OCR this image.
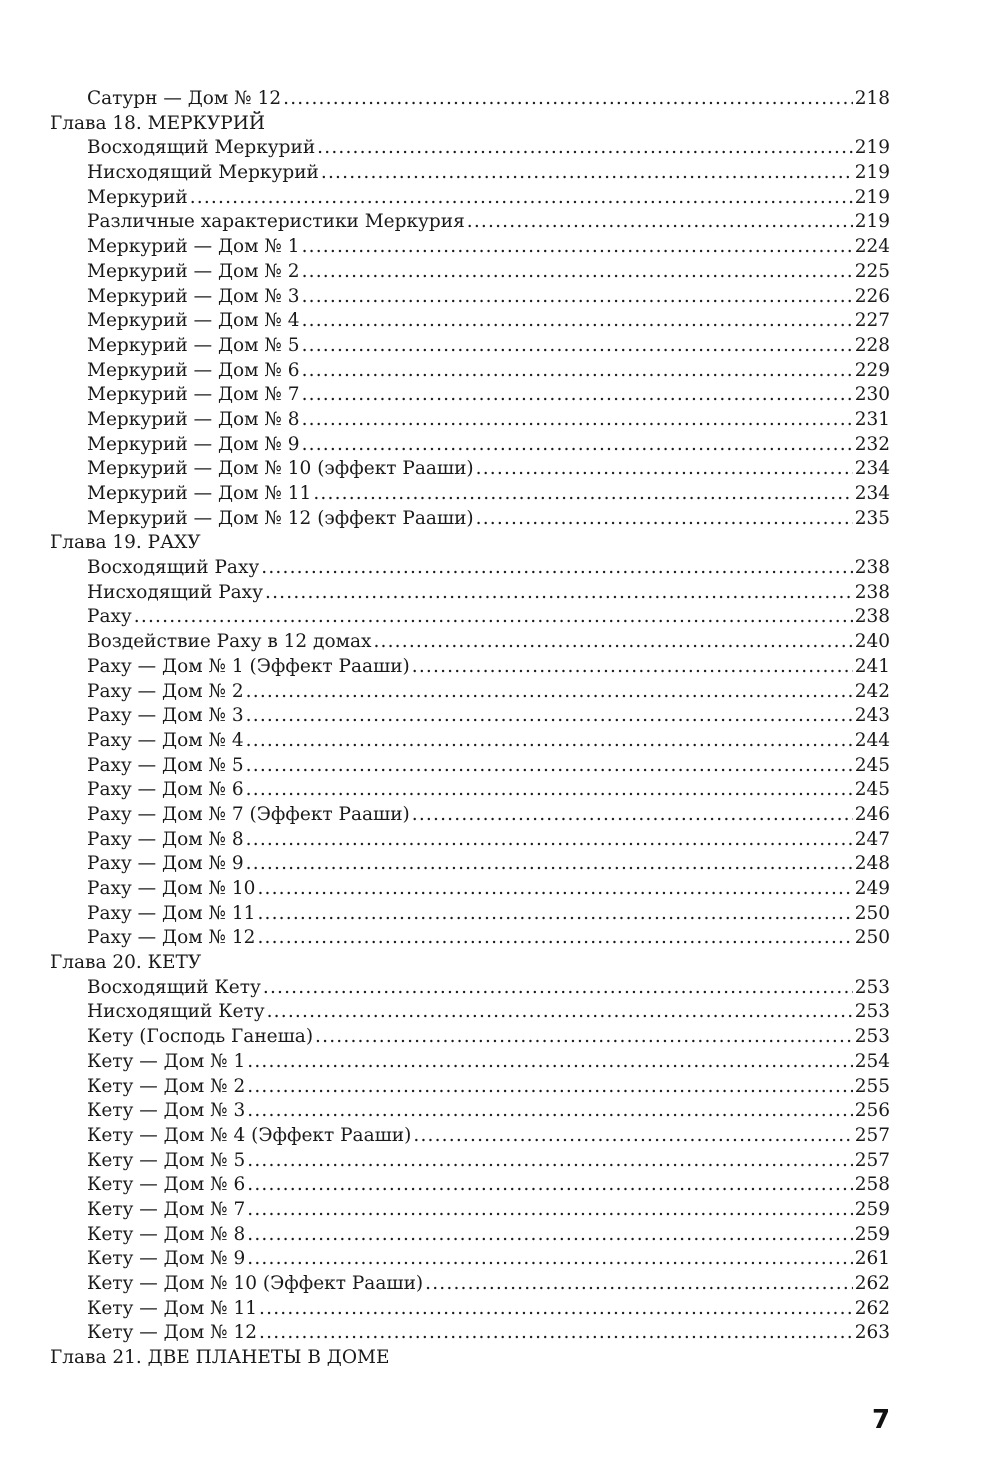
Сатурн — Дом № 12 .....	218
Глава 18. МЕРКУРИЙ
Восходящий Меркурий .....	219
Нисходящий Меркурий .....	219
Меркурий .....	219
Различные характеристики Меркурия .....	219
Меркурий — Дом № 1 .....	224
Меркурий — Дом № 2 .....	225
Меркурий — Дом № 3 .....	226
Меркурий — Дом № 4 .....	227
Меркурий — Дом № 5 .....	228
Меркурий — Дом № 6 .....	229
Меркурий — Дом № 7 .....	230
Меркурий — Дом № 8 .....	231
Меркурий — Дом № 9 .....	232
Меркурий — Дом № 10 (эффект Рааши) .....	234
Меркурий — Дом № 11 .....	234
Меркурий — Дом № 12 (эффект Рааши) .....	235
Глава 19. РАХУ
Восходящий Раху .....	238
Нисходящий Раху .....	238
Раху .....	238
Воздействие Раху в 12 домах .....	240
Раху — Дом № 1 (Эффект Рааши) .....	241
Раху — Дом № 2 .....	242
Раху — Дом № 3 .....	243
Раху — Дом № 4 .....	244
Раху — Дом № 5 .....	245
Раху — Дом № 6 .....	245
Раху — Дом № 7 (Эффект Рааши) .....	246
Раху — Дом № 8 .....	247
Раху — Дом № 9 .....	248
Раху — Дом № 10 .....	249
Раху — Дом № 11 .....	250
Раху — Дом № 12 .....	250
Глава 20. КЕТУ
Восходящий Кету .....	253
Нисходящий Кету .....	253
Кету (Господь Ганеша) .....	253
Кету — Дом № 1 .....	254
Кету — Дом № 2 .....	255
Кету — Дом № 3 .....	256
Кету — Дом № 4 (Эффект Рааши) .....	257
Кету — Дом № 5 .....	257
Кету — Дом № 6 .....	258
Кету — Дом № 7 .....	259
Кету — Дом № 8 .....	259
Кету — Дом № 9 .....	261
Кету — Дом № 10 (Эффект Рааши) .....	262
Кету — Дом № 11 .....	262
Кету — Дом № 12 .....	263
Глава 21. ДВЕ ПЛАНЕТЫ В ДОМЕ
7
